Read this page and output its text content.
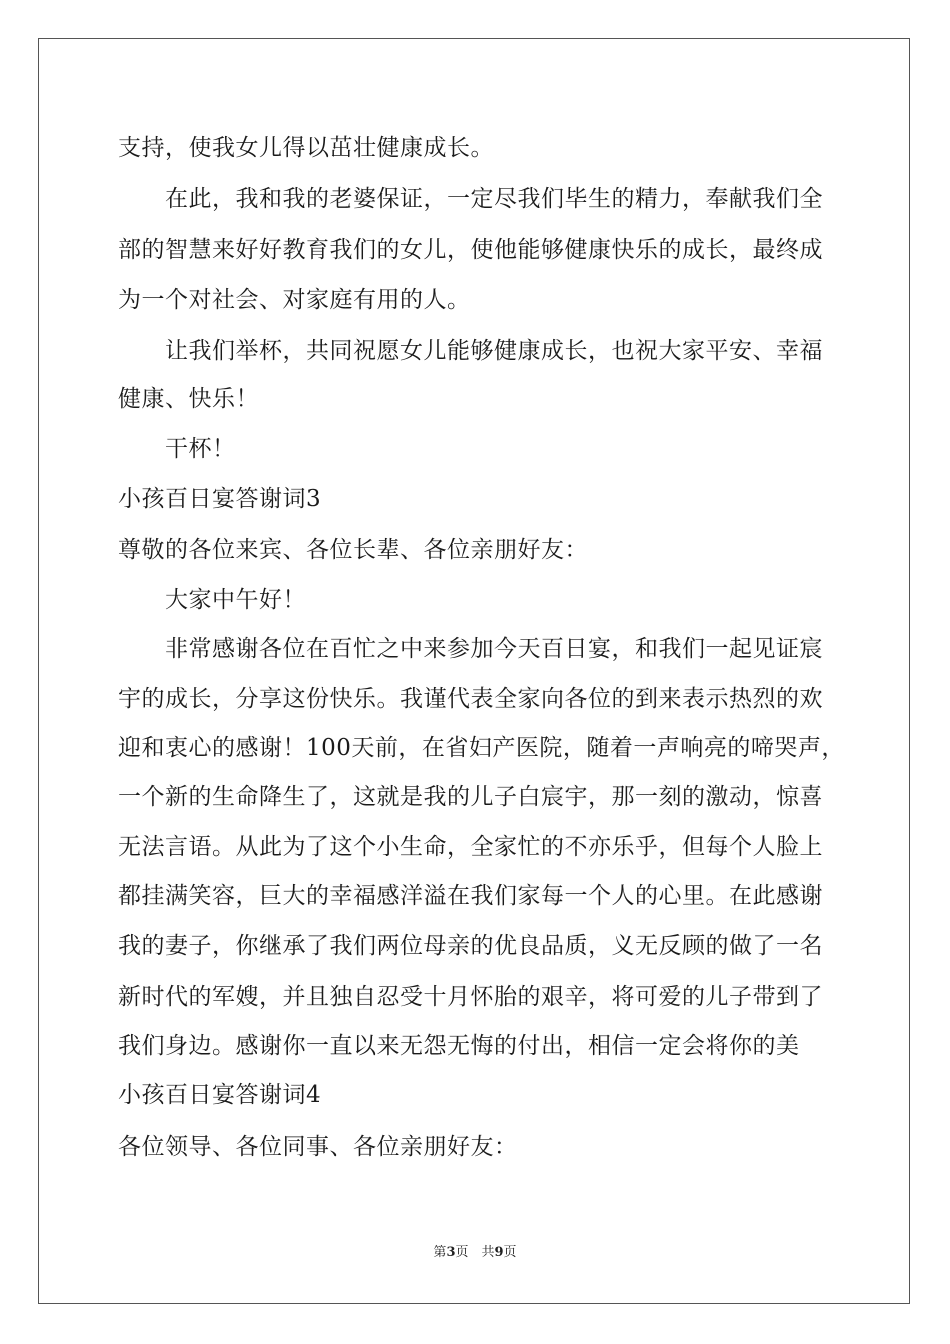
支持，使我女儿得以茁壮健康成长。
在此，我和我的老婆保证，一定尽我们毕生的精力，奉献我们全
部的智慧来好好教育我们的女儿，使他能够健康快乐的成长，最终成
为一个对社会、对家庭有用的人。
让我们举杯，共同祝愿女儿能够健康成长，也祝大家平安、幸福
健康、快乐！
干杯！
小孩百日宴答谢词3
尊敬的各位来宾、各位长辈、各位亲朋好友：
大家中午好！
非常感谢各位在百忙之中来参加今天百日宴，和我们一起见证宸
宇的成长，分享这份快乐。我谨代表全家向各位的到来表示热烈的欢
迎和衷心的感谢！100天前，在省妇产医院，随着一声响亮的啼哭声，
一个新的生命降生了，这就是我的儿子白宸宇，那一刻的激动，惊喜
无法言语。从此为了这个小生命，全家忙的不亦乐乎，但每个人脸上
都挂满笑容，巨大的幸福感洋溢在我们家每一个人的心里。在此感谢
我的妻子，你继承了我们两位母亲的优良品质，义无反顾的做了一名
新时代的军嫂，并且独自忍受十月怀胎的艰辛，将可爱的儿子带到了
我们身边。感谢你一直以来无怨无悔的付出，相信一定会将你的美
小孩百日宴答谢词4
各位领导、各位同事、各位亲朋好友：
第3页　共9页
